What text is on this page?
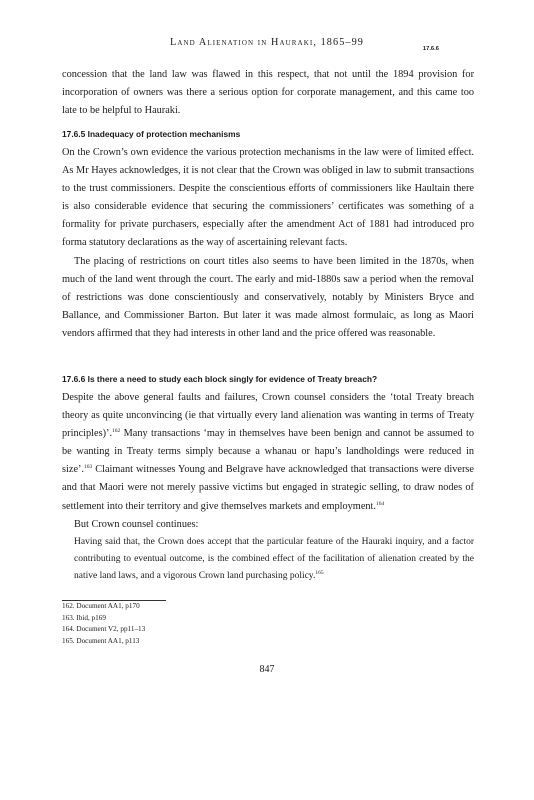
Land Alienation in Hauraki, 1865–99
17.6.6

concession that the land law was flawed in this respect, that not until the 1894 provision for incorporation of owners was there a serious option for corporate management, and this came too late to be helpful to Hauraki.

17.6.5 Inadequacy of protection mechanisms

On the Crown’s own evidence the various protection mechanisms in the law were of limited effect. As Mr Hayes acknowledges, it is not clear that the Crown was obliged in law to submit transactions to the trust commissioners. Despite the conscientious efforts of commissioners like Haultain there is also considerable evidence that securing the commissioners’ certificates was something of a formality for private purchasers, especially after the amendment Act of 1881 had introduced pro forma statutory declarations as the way of ascertaining relevant facts.

The placing of restrictions on court titles also seems to have been limited in the 1870s, when much of the land went through the court. The early and mid-1880s saw a period when the removal of restrictions was done conscientiously and conservatively, notably by Ministers Bryce and Ballance, and Commissioner Barton. But later it was made almost formulaic, as long as Maori vendors affirmed that they had interests in other land and the price offered was reasonable.

17.6.6 Is there a need to study each block singly for evidence of Treaty breach?

Despite the above general faults and failures, Crown counsel considers the ‘total Treaty breach theory as quite unconvincing (ie that virtually every land alienation was wanting in terms of Treaty principles)’.$^{162}$ Many transactions ‘may in themselves have been benign and cannot be assumed to be wanting in Treaty terms simply because a whanau or hapu’s landholdings were reduced in size’.$^{163}$ Claimant witnesses Young and Belgrave have acknowledged that transactions were diverse and that Maori were not merely passive victims but engaged in strategic selling, to draw nodes of settlement into their territory and give themselves markets and employment.$^{164}$

But Crown counsel continues:

Having said that, the Crown does accept that the particular feature of the Hauraki inquiry, and a factor contributing to eventual outcome, is the combined effect of the facilitation of alienation created by the native land laws, and a vigorous Crown land purchasing policy.$^{165}$

162. Document AA1, p170
163. Ibid, p169
164. Document V2, pp11–13
165. Document AA1, p113
847
